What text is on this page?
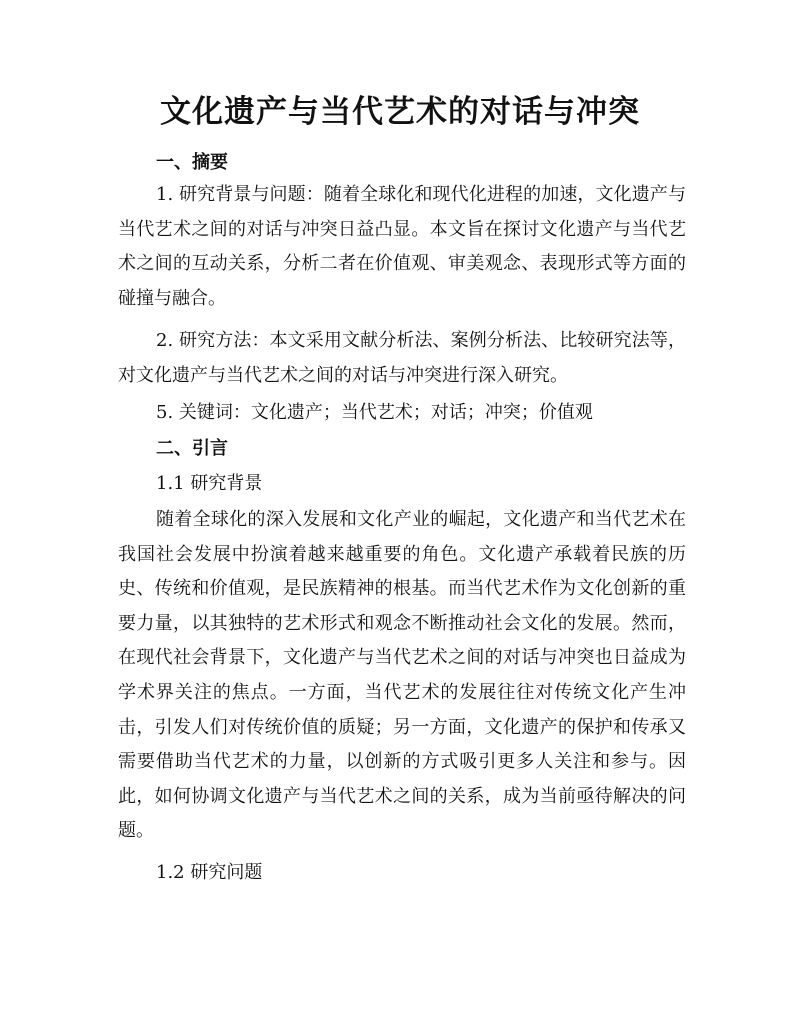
文化遗产与当代艺术的对话与冲突
一、摘要

1. 研究背景与问题：随着全球化和现代化进程的加速，文化遗产与当代艺术之间的对话与冲突日益凸显。本文旨在探讨文化遗产与当代艺术之间的互动关系，分析二者在价值观、审美观念、表现形式等方面的碰撞与融合。

2. 研究方法：本文采用文献分析法、案例分析法、比较研究法等，对文化遗产与当代艺术之间的对话与冲突进行深入研究。

5. 关键词：文化遗产；当代艺术；对话；冲突；价值观

二、引言
1.1 研究背景

随着全球化的深入发展和文化产业的崛起，文化遗产和当代艺术在我国社会发展中扮演着越来越重要的角色。文化遗产承载着民族的历史、传统和价值观，是民族精神的根基。而当代艺术作为文化创新的重要力量，以其独特的艺术形式和观念不断推动社会文化的发展。然而，在现代社会背景下，文化遗产与当代艺术之间的对话与冲突也日益成为学术界关注的焦点。一方面，当代艺术的发展往往对传统文化产生冲击，引发人们对传统价值的质疑；另一方面，文化遗产的保护和传承又需要借助当代艺术的力量，以创新的方式吸引更多人关注和参与。因此，如何协调文化遗产与当代艺术之间的关系，成为当前亟待解决的问题。

1.2 研究问题
